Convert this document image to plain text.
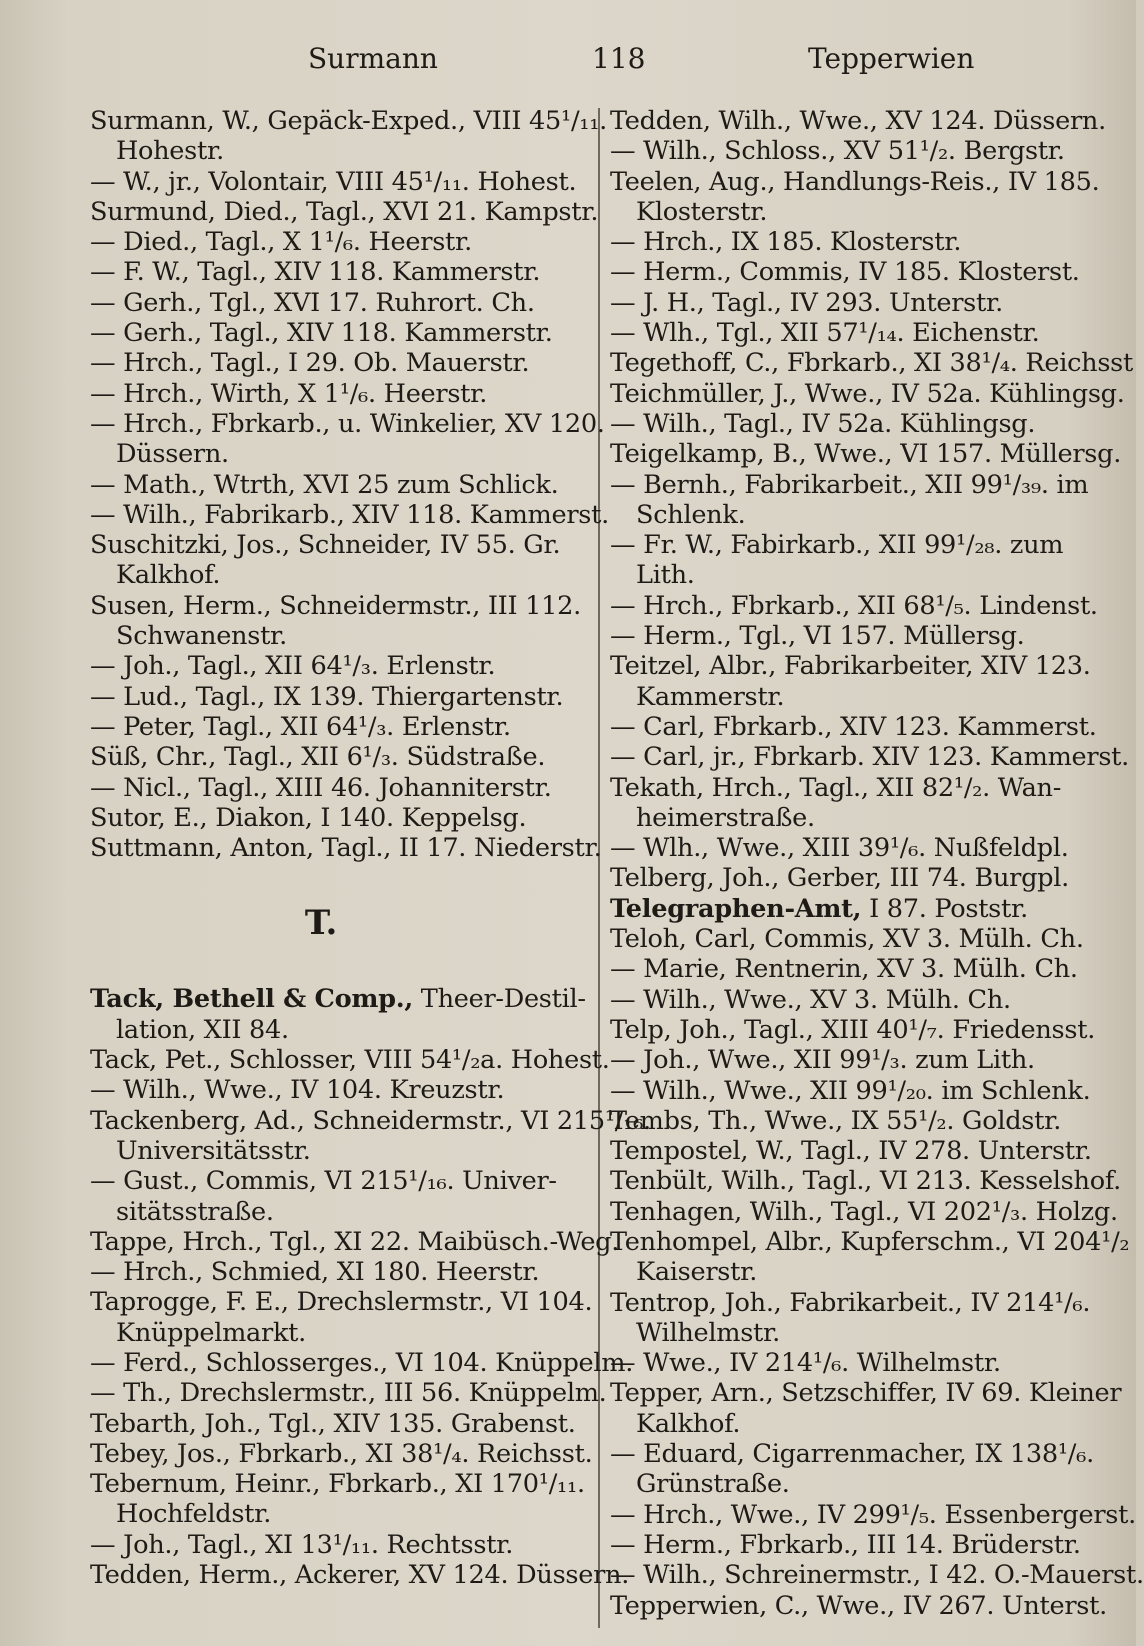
Surmann	118	Tepperwien
Surmann, W., Gepäck-Exped., VIII 45¹/₁₁.
Hohestr.
— W., jr., Volontair, VIII 45¹/₁₁. Hohest.
Surmund, Died., Tagl., XVI 21. Kampstr.
— Died., Tagl., X 1¹/₆. Heerstr.
— F. W., Tagl., XIV 118. Kammerstr.
— Gerh., Tgl., XVI 17. Ruhrort. Ch.
— Gerh., Tagl., XIV 118. Kammerstr.
— Hrch., Tagl., I 29. Ob. Mauerstr.
— Hrch., Wirth, X 1¹/₆. Heerstr.
— Hrch., Fbrkarb., u. Winkelier, XV 120.
Düssern.
— Math., Wtrth, XVI 25 zum Schlick.
— Wilh., Fabrikarb., XIV 118. Kammerst.
Suschitzki, Jos., Schneider, IV 55. Gr.
Kalkhof.
Susen, Herm., Schneidermstr., III 112.
Schwanenstr.
— Joh., Tagl., XII 64¹/₃. Erlenstr.
— Lud., Tagl., IX 139. Thiergartenstr.
— Peter, Tagl., XII 64¹/₃. Erlenstr.
Süß, Chr., Tagl., XII 6¹/₃. Südstraße.
— Nicl., Tagl., XIII 46. Johanniterstr.
Sutor, E., Diakon, I 140. Keppelsg.
Suttmann, Anton, Tagl., II 17. Niederstr.
T.
Tack, Bethell & Comp., Theer-Destil-
lation, XII 84.
Tack, Pet., Schlosser, VIII 54¹/₂a. Hohest.
— Wilh., Wwe., IV 104. Kreuzstr.
Tackenberg, Ad., Schneidermstr., VI 215¹/₁₆.
Universitätsstr.
— Gust., Commis, VI 215¹/₁₆. Univer-
sitätsstraße.
Tappe, Hrch., Tgl., XI 22. Maibüsch.-Weg.
— Hrch., Schmied, XI 180. Heerstr.
Taprogge, F. E., Drechslermstr., VI 104.
Knüppelmarkt.
— Ferd., Schlosserges., VI 104. Knüppelm.
— Th., Drechslermstr., III 56. Knüppelm.
Tebarth, Joh., Tgl., XIV 135. Grabenst.
Tebey, Jos., Fbrkarb., XI 38¹/₄. Reichsst.
Tebernum, Heinr., Fbrkarb., XI 170¹/₁₁.
Hochfeldstr.
— Joh., Tagl., XI 13¹/₁₁. Rechtsstr.
Tedden, Herm., Ackerer, XV 124. Düssern.
Tedden, Wilh., Wwe., XV 124. Düssern.
— Wilh., Schloss., XV 51¹/₂. Bergstr.
Teelen, Aug., Handlungs-Reis., IV 185.
Klosterstr.
— Hrch., IX 185. Klosterstr.
— Herm., Commis, IV 185. Klosterst.
— J. H., Tagl., IV 293. Unterstr.
— Wlh., Tgl., XII 57¹/₁₄. Eichenstr.
Tegethoff, C., Fbrkarb., XI 38¹/₄. Reichsst
Teichmüller, J., Wwe., IV 52a. Kühlingsg.
— Wilh., Tagl., IV 52a. Kühlingsg.
Teigelkamp, B., Wwe., VI 157. Müllersg.
— Bernh., Fabrikarbeit., XII 99¹/₃₉. im
Schlenk.
— Fr. W., Fabirkarb., XII 99¹/₂₈. zum
Lith.
— Hrch., Fbrkarb., XII 68¹/₅. Lindenst.
— Herm., Tgl., VI 157. Müllersg.
Teitzel, Albr., Fabrikarbeiter, XIV 123.
Kammerstr.
— Carl, Fbrkarb., XIV 123. Kammerst.
— Carl, jr., Fbrkarb. XIV 123. Kammerst.
Tekath, Hrch., Tagl., XII 82¹/₂. Wan-
heimerstraße.
— Wlh., Wwe., XIII 39¹/₆. Nußfeldpl.
Telberg, Joh., Gerber, III 74. Burgpl.
Telegraphen-Amt, I 87. Poststr.
Teloh, Carl, Commis, XV 3. Mülh. Ch.
— Marie, Rentnerin, XV 3. Mülh. Ch.
— Wilh., Wwe., XV 3. Mülh. Ch.
Telp, Joh., Tagl., XIII 40¹/₇. Friedensst.
— Joh., Wwe., XII 99¹/₃. zum Lith.
— Wilh., Wwe., XII 99¹/₂₀. im Schlenk.
Tembs, Th., Wwe., IX 55¹/₂. Goldstr.
Tempostel, W., Tagl., IV 278. Unterstr.
Tenbült, Wilh., Tagl., VI 213. Kesselshof.
Tenhagen, Wilh., Tagl., VI 202¹/₃. Holzg.
Tenhompel, Albr., Kupferschm., VI 204¹/₂
Kaiserstr.
Tentrop, Joh., Fabrikarbeit., IV 214¹/₆.
Wilhelmstr.
— Wwe., IV 214¹/₆. Wilhelmstr.
Tepper, Arn., Setzschiffer, IV 69. Kleiner
Kalkhof.
— Eduard, Cigarrenmacher, IX 138¹/₆.
Grünstraße.
— Hrch., Wwe., IV 299¹/₅. Essenbergerst.
— Herm., Fbrkarb., III 14. Brüderstr.
— Wilh., Schreinermstr., I 42. O.-Mauerst.
Tepperwien, C., Wwe., IV 267. Unterst.
